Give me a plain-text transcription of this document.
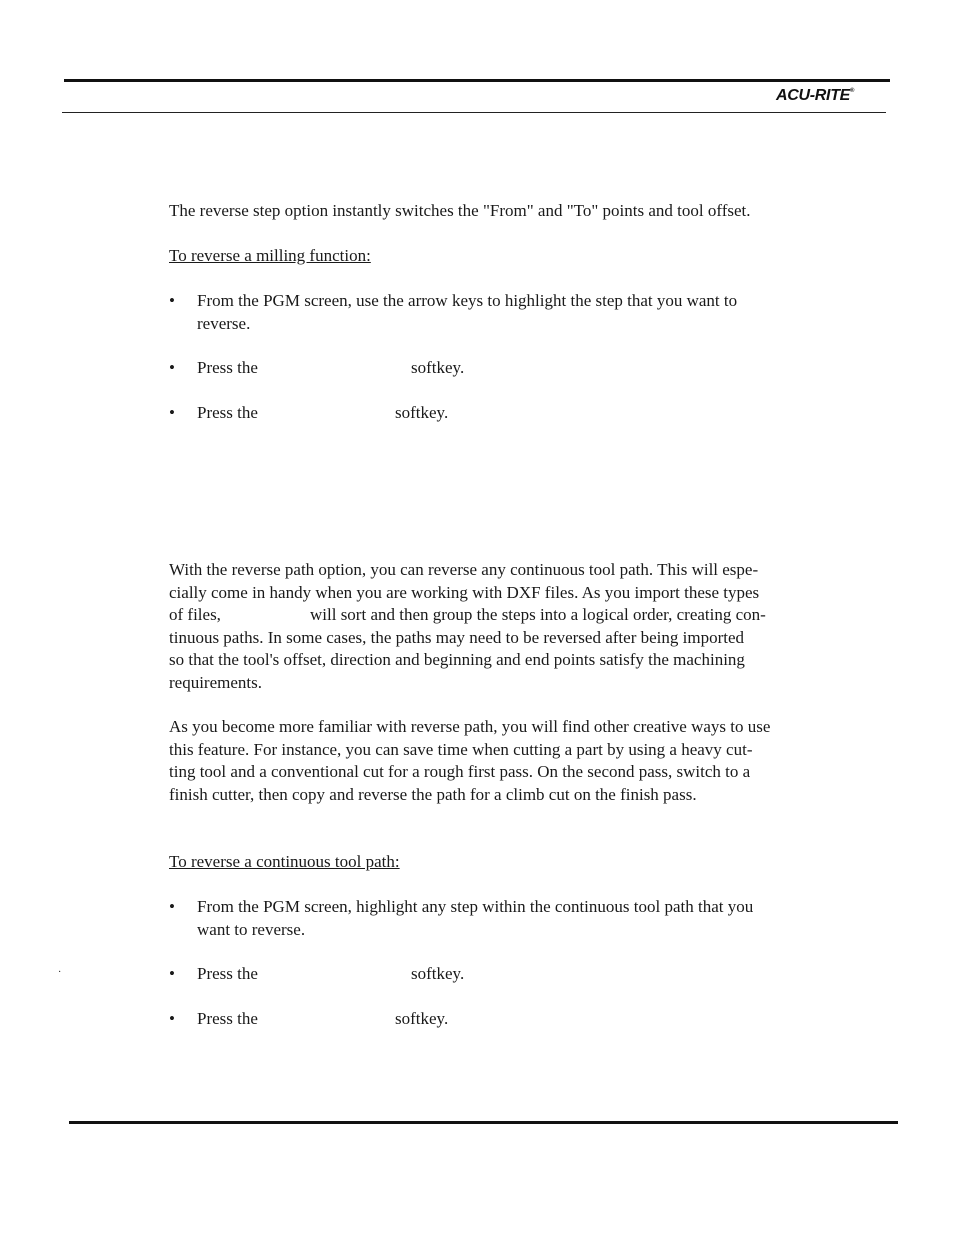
ACU-RITE®
The reverse step option instantly switches the "From" and "To" points and tool offset.
To reverse a milling function:
• From the PGM screen, use the arrow keys to highlight the step that you want to
reverse.
• Press the	softkey.
• Press the	softkey.
With the reverse path option, you can reverse any continuous tool path. This will espe-
cially come in handy when you are working with DXF files. As you import these types
of files,	will sort and then group the steps into a logical order, creating con-
tinuous paths. In some cases, the paths may need to be reversed after being imported
so that the tool's offset, direction and beginning and end points satisfy the machining
requirements.
As you become more familiar with reverse path, you will find other creative ways to use
this feature. For instance, you can save time when cutting a part by using a heavy cut-
ting tool and a conventional cut for a rough first pass. On the second pass, switch to a
finish cutter, then copy and reverse the path for a climb cut on the finish pass.
To reverse a continuous tool path:
• From the PGM screen, highlight any step within the continuous tool path that you
want to reverse.
·	• Press the	softkey.
• Press the	softkey.
